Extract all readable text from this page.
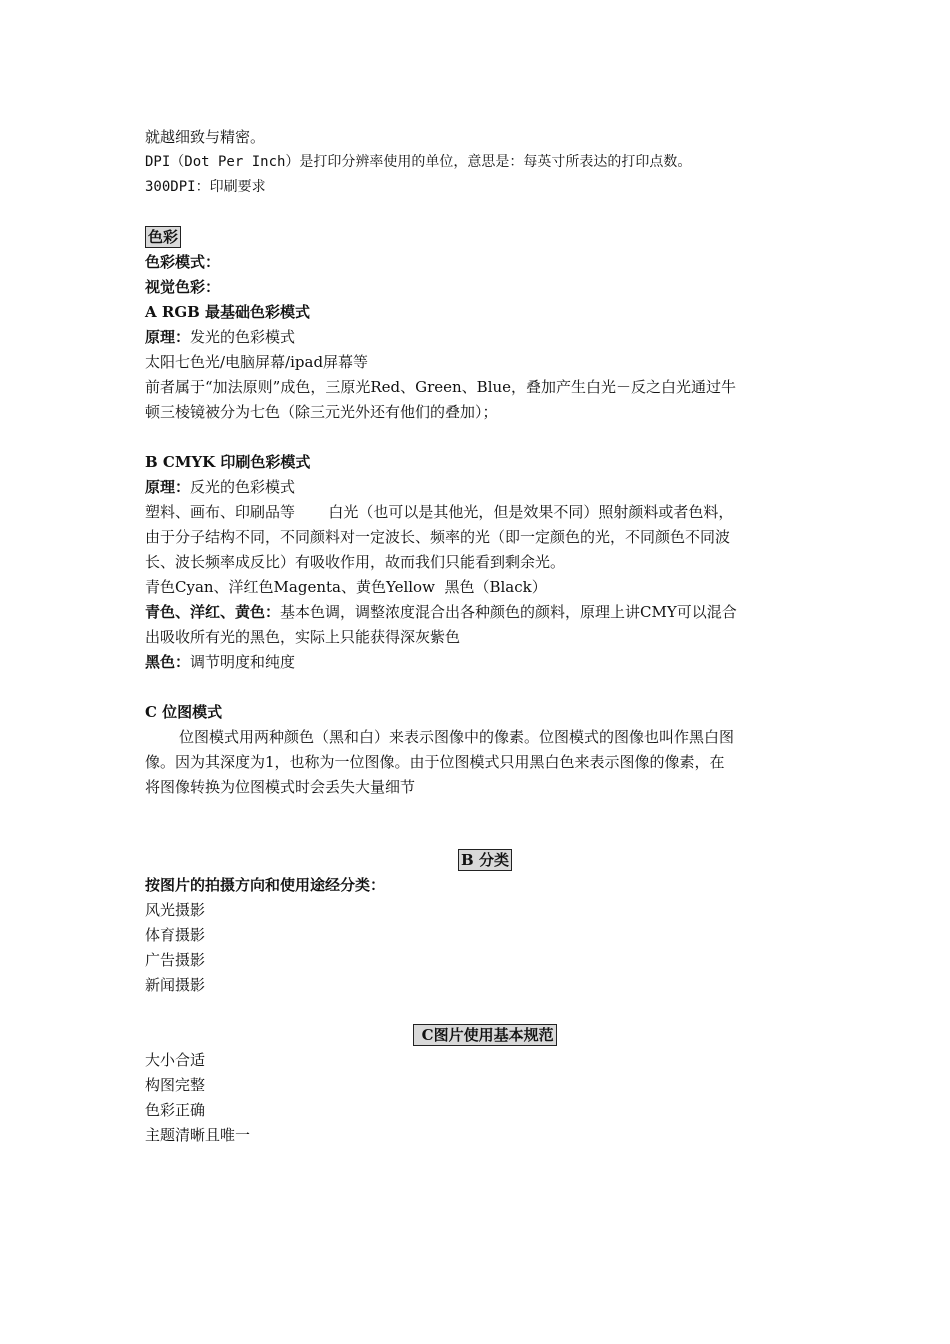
就越细致与精密。
DPI（Dot Per Inch）是打印分辨率使用的单位，意思是：每英寸所表达的打印点数。
300DPI：印刷要求
色彩
色彩模式：
视觉色彩：
A RGB 最基础色彩模式
原理：发光的色彩模式
太阳七色光/电脑屏幕/ipad屏幕等
前者属于“加法原则”成色，三原光Red、Green、Blue，叠加产生白光－反之白光通过牛
顿三棱镜被分为七色（除三元光外还有他们的叠加）；
B CMYK 印刷色彩模式
原理：反光的色彩模式
塑料、画布、印刷品等       白光（也可以是其他光，但是效果不同）照射颜料或者色料，
由于分子结构不同，不同颜料对一定波长、频率的光（即一定颜色的光，不同颜色不同波
长、波长频率成反比）有吸收作用，故而我们只能看到剩余光。
青色Cyan、洋红色Magenta、黄色Yellow  黑色（Black）
青色、洋红、黄色：基本色调，调整浓度混合出各种颜色的颜料，原理上讲CMY可以混合
出吸收所有光的黑色，实际上只能获得深灰紫色
黑色：调节明度和纯度
C 位图模式
位图模式用两种颜色（黑和白）来表示图像中的像素。位图模式的图像也叫作黑白图
像。因为其深度为1，也称为一位图像。由于位图模式只用黑白色来表示图像的像素，在
将图像转换为位图模式时会丢失大量细节
B 分类
按图片的拍摄方向和使用途经分类：
风光摄影
体育摄影
广告摄影
新闻摄影
C图片使用基本规范
大小合适
构图完整
色彩正确
主题清晰且唯一
